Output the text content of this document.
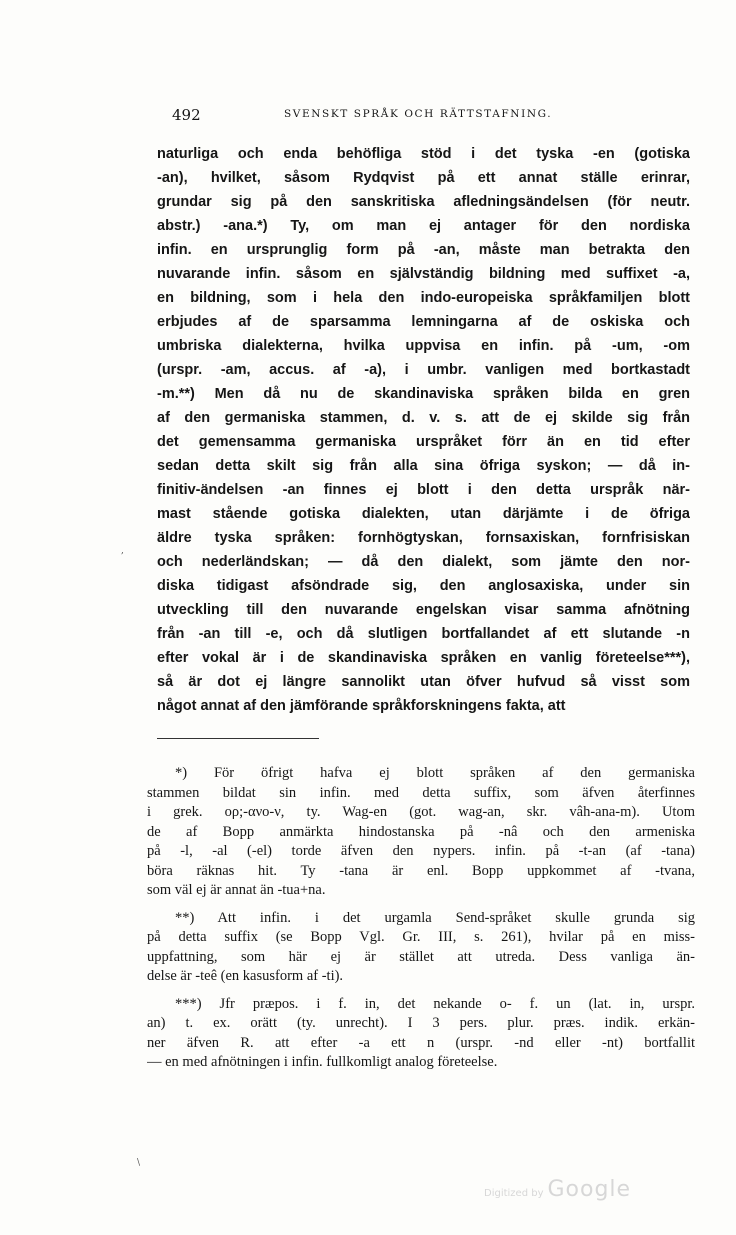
492	SVENSKT SPRÅK OCH RÄTTSTAFNING.
naturliga och enda behöfliga stöd i det tyska -en (gotiska
-an), hvilket, såsom Rydqvist på ett annat ställe erinrar,
grundar sig på den sanskritiska afledningsändelsen (för neutr.
abstr.) -ana.*) Ty, om man ej antager för den nordiska
infin. en ursprunglig form på -an, måste man betrakta den
nuvarande infin. såsom en självständig bildning med suffixet -a,
en bildning, som i hela den indo-europeiska språkfamiljen blott
erbjudes af de sparsamma lemningarna af de oskiska och
umbriska dialekterna, hvilka uppvisa en infin. på -um, -om
(urspr. -am, accus. af -a), i umbr. vanligen med bortkastadt
-m.**) Men då nu de skandinaviska språken bilda en gren
af den germaniska stammen, d. v. s. att de ej skilde sig från
det gemensamma germaniska urspråket förr än en tid efter
sedan detta skilt sig från alla sina öfriga syskon; — då in-
finitiv-ändelsen -an finnes ej blott i den detta urspråk när-
mast stående gotiska dialekten, utan därjämte i de öfriga
äldre tyska språken: fornhögtyskan, fornsaxiskan, fornfrisiskan
och nederländskan; — då den dialekt, som jämte den nor-
diska tidigast afsöndrade sig, den anglosaxiska, under sin
utveckling till den nuvarande engelskan visar samma afnötning
från -an till -e, och då slutligen bortfallandet af ett slutande -n
efter vokal är i de skandinaviska språken en vanlig företeelse***),
så är dot ej längre sannolikt utan öfver hufvud så visst som
något annat af den jämförande språkforskningens fakta, att
*) För öfrigt hafva ej blott språken af den germaniska
stammen bildat sin infin. med detta suffix, som äfven återfinnes
i grek. ορ;-ανο-ν, ty. Wag-en (got. wag-an, skr. vâh-ana-m). Utom
de af Bopp anmärkta hindostanska på -nâ och den armeniska
på -l, -al (-el) torde äfven den nypers. infin. på -t-an (af -tana)
böra räknas hit. Ty -tana är enl. Bopp uppkommet af -tvana,
som väl ej är annat än -tua+na.
**) Att infin. i det urgamla Send-språket skulle grunda sig
på detta suffix (se Bopp Vgl. Gr. III, s. 261), hvilar på en miss-
uppfattning, som här ej är stället att utreda. Dess vanliga än-
delse är -teê (en kasusform af -ti).
***) Jfr præpos. i f. in, det nekande o- f. un (lat. in, urspr.
an) t. ex. orätt (ty. unrecht). I 3 pers. plur. præs. indik. erkän-
ner äfven R. att efter -a ett n (urspr. -nd eller -nt) bortfallit
— en med afnötningen i infin. fullkomligt analog företeelse.
,
\
Digitized by Google
